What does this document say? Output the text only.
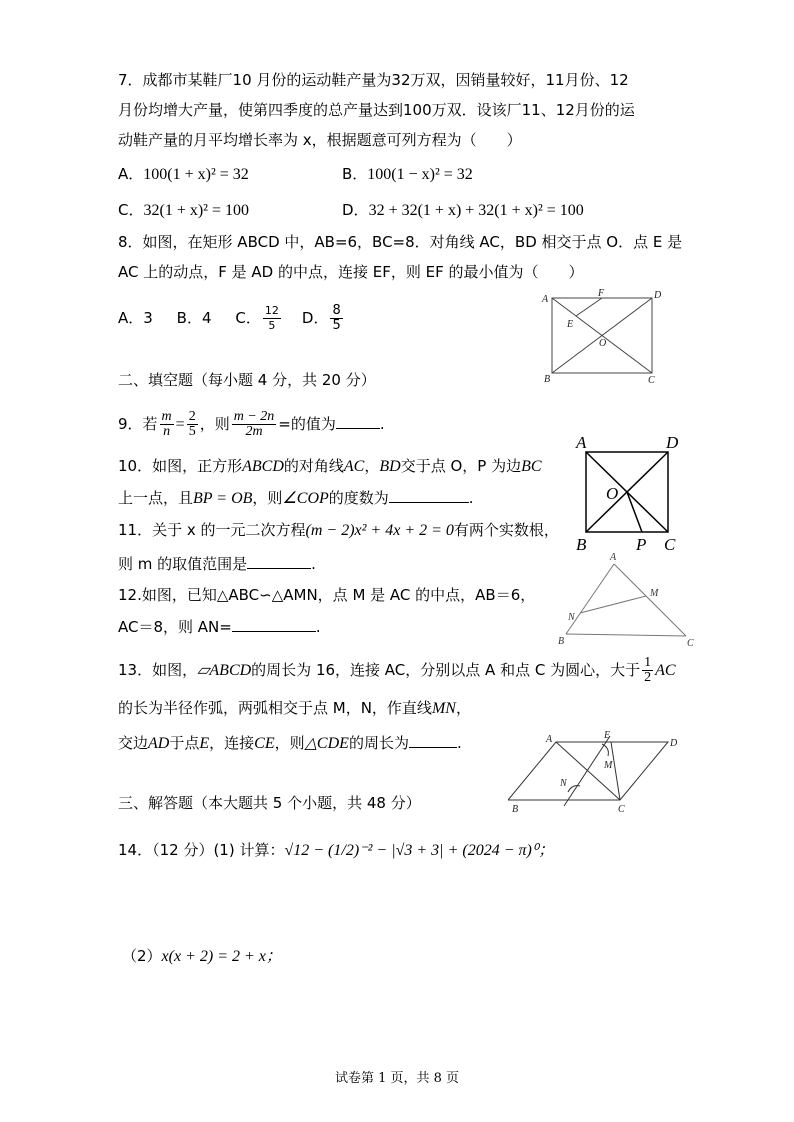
7．成都市某鞋厂10 月份的运动鞋产量为32万双，因销量较好，11月份、12
月份均增大产量，使第四季度的总产量达到100万双．设该厂11、12月份的运
动鞋产量的月平均增长率为 x，根据题意可列方程为（　　）
A．100(1 + x)² = 32	B．100(1 − x)² = 32
C．32(1 + x)² = 100	D．32 + 32(1 + x) + 32(1 + x)² = 100
8．如图，在矩形 ABCD 中，AB=6，BC=8．对角线 AC，BD 相交于点 O．点 E 是
AC 上的动点，F 是 AD 的中点，连接 EF，则 EF 的最小值为（　　）
A．3 B．4 C． $\frac{12}{5}$ D． $\frac{8}{5}$
A
F	D
E
O
B	C
二、填空题（每小题 4 分，共 20 分）
9．若 $\frac{m}{n} = \frac{2}{5}$ ，则 $\frac{m - 2n}{2m}$ =的值为	.
10．如图，正方形ABCD的对角线AC，BD交于点 O，P 为边BC
上一点，且BP = OB，则∠COP的度数为	.
A	D
O
B	P C
11．关于 x 的一元二次方程(m − 2)x² + 4x + 2 = 0有两个实数根，
则 m 的取值范围是	.
12.如图，已知△ABC∽△AMN，点 M 是 AC 的中点，AB＝6，
AC＝8，则 AN=	.
A
M
N
B	C
13．如图，▱ABCD的周长为 16，连接 AC，分别以点 A 和点 C 为圆心，大于 $\frac{1}{2}$ AC
的长为半径作弧，两弧相交于点 M，N，作直线MN，
交边AD于点E，连接CE，则△CDE的周长为	.	A	E
D
M
N
B	C
三、解答题（本大题共 5 个小题，共 48 分）
14．（12 分）(1) 计算：√12 − (1/2)⁻² − |√3 + 3| + (2024 − π)⁰；
（2）x(x + 2) = 2 + x；
试卷第 1 页，共 8 页
